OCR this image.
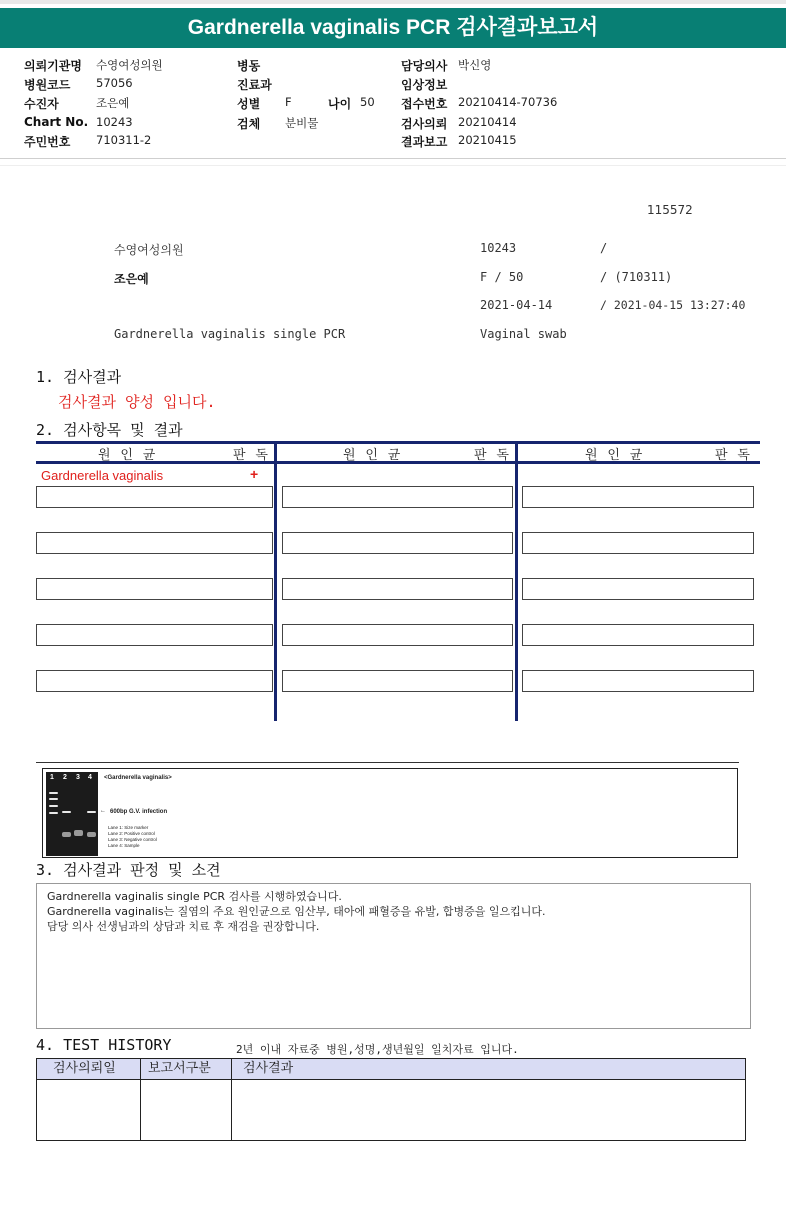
Gardnerella vaginalis PCR 검사결과보고서
의뢰기관명 수영여성의원
병원코드 57056
수진자	조은예
Chart No. 10243
주민번호 710311-2
병동
진료과
성별 F	나이 50
검체 분비물
담당의사 박신영
임상정보
접수번호 20210414-70736
검사의뢰 20210414
결과보고 20210415
115572
수영여성의원	10243	/
조은예	F / 50	/ (710311)
2021-04-14	/ 2021-04-15 13:27:40
Gardnerella vaginalis single PCR	Vaginal swab
1. 검사결과
검사결과 양성 입니다.
2. 검사항목 및 결과
원 인 균	판 독	원 인 균	판 독	원 인 균	판 독
Gardnerella vaginalis	+
1 2 3 4 <Gardnerella vaginalis>
← 600bp G.V. infection
Lane 1: Size marker
Lane 2: Positive control
Lane 3: Negative control
Lane 4: Sample
3. 검사결과 판정 및 소견
Gardnerella vaginalis single PCR 검사를 시행하였습니다.
Gardnerella vaginalis는 질염의 주요 원인균으로 임산부, 태아에 패혈증을 유발, 합병증을 일으킵니다.
담당 의사 선생님과의 상담과 치료 후 재검을 권장합니다.
4. TEST HISTORY	2년 이내 자료중 병원,성명,생년월일 일치자료 입니다.
검사의뢰일 보고서구분 검사결과
